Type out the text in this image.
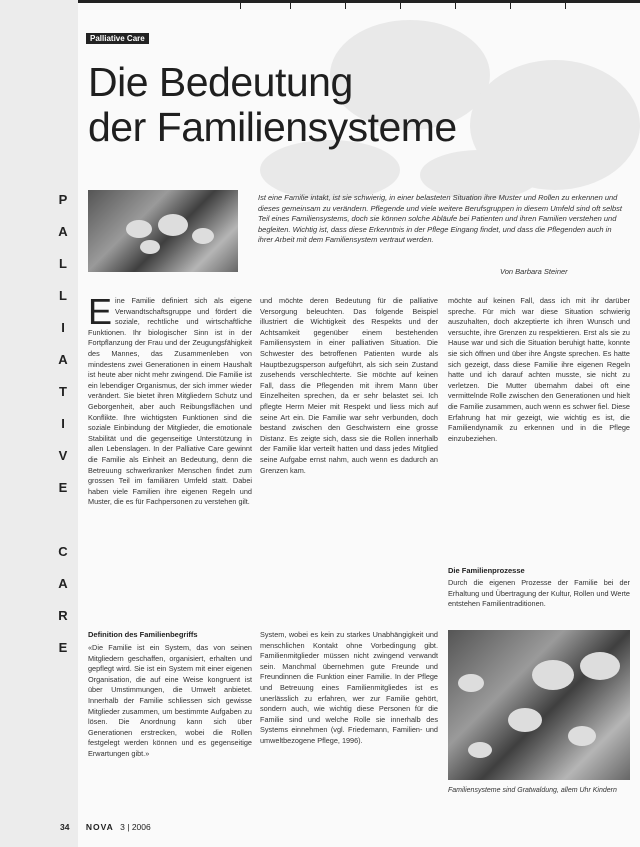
P
A
L
L
I
A
T
I
V
E
C
A
R
E
Palliative Care
Die Bedeutung
der Familiensysteme

Ist eine Familie intakt, ist sie schwierig, in einer belasteten Situation ihre Muster und Rollen zu erkennen und dieses gemeinsam zu verändern. Pflegende und viele weitere Berufsgruppen in diesem Umfeld sind oft selbst Teil eines Familiensystems, doch sie können solche Abläufe bei Patienten und ihren Familien verstehen und begleiten. Wichtig ist, dass diese Erkenntnis in der Pflege Eingang findet, und dass die Pflegenden auch in ihrer Arbeit mit dem Familiensystem vertraut werden.

Von Barbara Steiner

Eine Familie definiert sich als eigene Verwandtschaftsgruppe und fördert die soziale, rechtliche und wirtschaftliche Funktionen. Ihr biologischer Sinn ist in der Fortpflanzung der Frau und der Zeugungsfähigkeit des Mannes, das Zusammenleben von mindestens zwei Generationen in einem Haushalt ist heute aber nicht mehr zwingend. Die Familie ist ein lebendiger Organismus, der sich immer wieder verändert. Sie bietet ihren Mitgliedern Schutz und Geborgenheit, aber auch Reibungsflächen und Konflikte. Ihre wichtigsten Funktionen sind die soziale Einbindung der Mitglieder, die emotionale Stabilität und die gegenseitige Unterstützung in allen Lebenslagen. In der Palliative Care gewinnt die Familie als Einheit an Bedeutung, denn die Betreuung schwerkranker Menschen findet zum grossen Teil im familiären Umfeld statt. Dabei haben viele Familien ihre eigenen Regeln und Muster, die es für Fachpersonen zu verstehen gilt.

und möchte deren Bedeutung für die palliative Versorgung beleuchten. Das folgende Beispiel illustriert die Wichtigkeit des Respekts und der Achtsamkeit gegenüber einem bestehenden Familiensystem in einer palliativen Situation. Die Schwester des betroffenen Patienten wurde als Hauptbezugsperson aufgeführt, als sich sein Zustand zusehends verschlechterte. Sie möchte auf keinen Fall, dass die Pflegenden mit ihrem Mann über Einzelheiten sprechen, da er sehr belastet sei. Ich pflegte Herrn Meier mit Respekt und liess mich auf seine Art ein. Die Familie war sehr verbunden, doch bestand zwischen den Geschwistern eine grosse Distanz. Es zeigte sich, dass sie die Rollen innerhalb der Familie klar verteilt hatten und dass jedes Mitglied seine Aufgabe ernst nahm, auch wenn es dadurch an Grenzen kam.

möchte auf keinen Fall, dass ich mit ihr darüber spreche. Für mich war diese Situation schwierig auszuhalten, doch akzeptierte ich ihren Wunsch und versuchte, ihre Grenzen zu respektieren. Erst als sie zu Hause war und sich die Situation beruhigt hatte, konnte sie sich öffnen und über ihre Ängste sprechen. Es hatte sich gezeigt, dass diese Familie ihre eigenen Regeln hatte und ich darauf achten musste, sie nicht zu verletzen. Die Mutter übernahm dabei oft eine vermittelnde Rolle zwischen den Generationen und hielt die Familie zusammen, auch wenn es schwer fiel. Diese Erfahrung hat mir gezeigt, wie wichtig es ist, die Familiendynamik zu erkennen und in die Pflege einzubeziehen.

Die Familienprozesse

Durch die eigenen Prozesse der Familie bei der Erhaltung und Übertragung der Kultur, Rollen und Werte entstehen Familientraditionen.

Definition des Familienbegriffs

«Die Familie ist ein System, das von seinen Mitgliedern geschaffen, organisiert, erhalten und gepflegt wird. Sie ist ein System mit einer eigenen Organisation, die auf eine Weise kongruent ist über Umstimmungen, die Umwelt anbietet. Innerhalb der Familie schliessen sich gewisse Mitglieder zusammen, um bestimmte Aufgaben zu lösen. Die Anordnung kann sich über Generationen erstrecken, wobei die Rollen festgelegt werden können und es gegenseitige Erwartungen gibt.»

System, wobei es kein zu starkes Unabhängigkeit und menschlichen Kontakt ohne Vorbedingung gibt. Familienmitglieder müssen nicht zwingend verwandt sein. Manchmal übernehmen gute Freunde und Freundinnen die Funktion einer Familie. In der Pflege und Betreuung eines Familienmitgliedes ist es unerlässlich zu erfahren, wer zur Familie gehört, sondern auch, wie wichtig diese Personen für die Familie sind und welche Rolle sie innerhalb des Systems einnehmen (vgl. Friedemann, Familien- und umweltbezogene Pflege, 1996).

Familiensysteme sind Gratwaldung, allem Uhr Kindern

34 NOVA 3 | 2006
